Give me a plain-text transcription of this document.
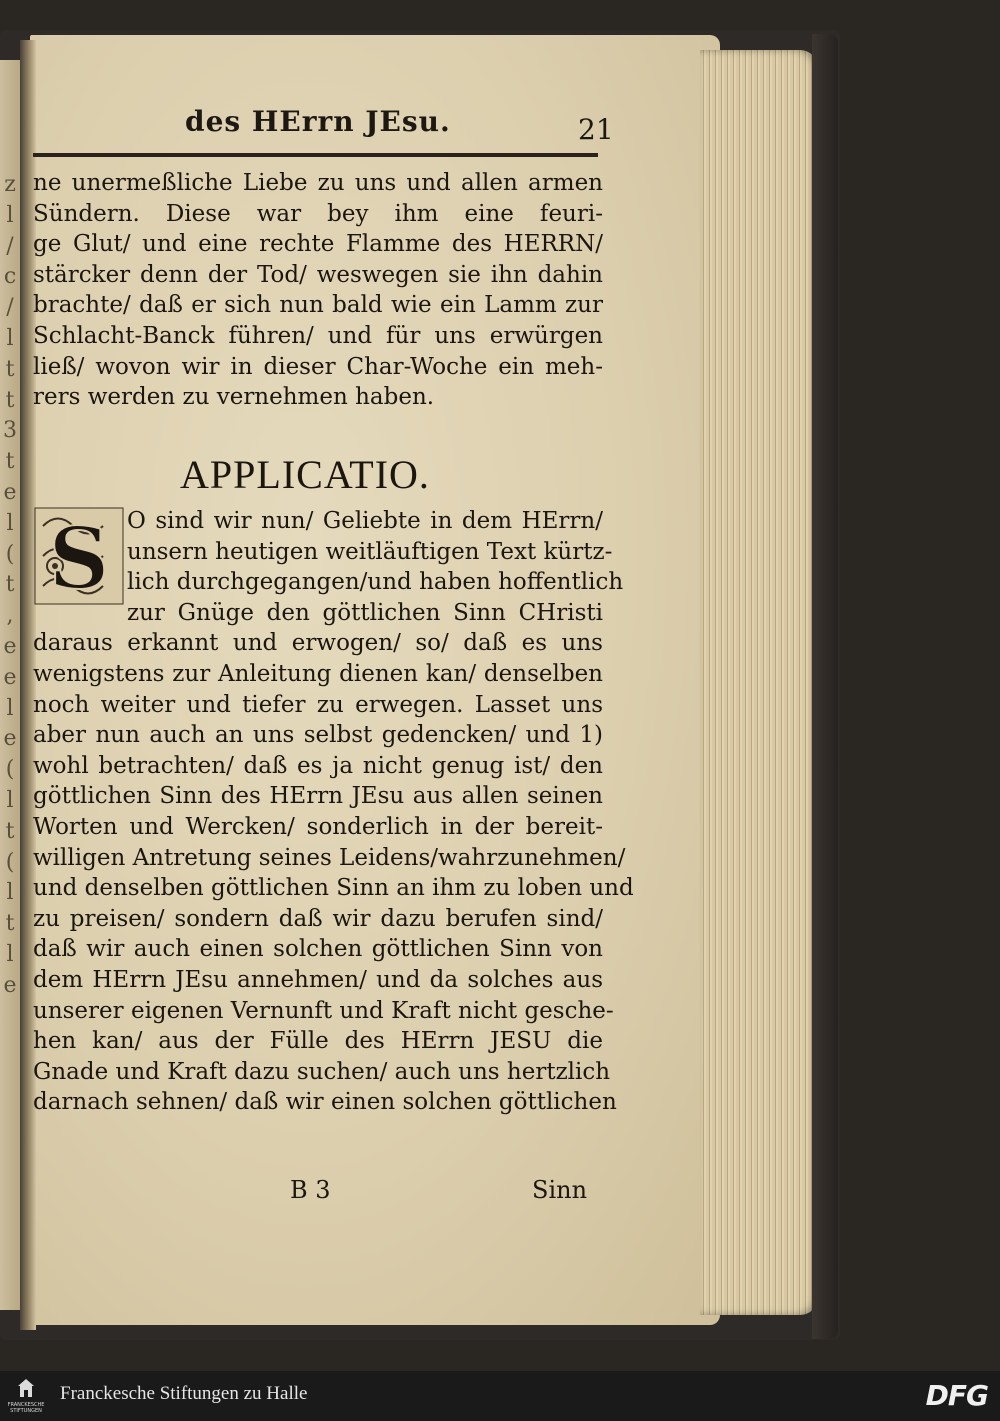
z
l
/
c
/
l
t
t
3
t
e
l
(
t
,
e
e
l
e
(
l
t
(
l
t
l
e
des HErrn JEsu.	21
ne unermeßliche Liebe zu uns und allen armen
Sündern. Diese war bey ihm eine feuri-
ge Glut/ und eine rechte Flamme des HERRN/
stärcker denn der Tod/ weswegen sie ihn dahin
brachte/ daß er sich nun bald wie ein Lamm zur
Schlacht-Banck führen/ und für uns erwürgen
ließ/ wovon wir in dieser Char-Woche ein meh-
rers werden zu vernehmen haben.
APPLICATIO.
S O sind wir nun/ Geliebte in dem HErrn/
unsern heutigen weitläuftigen Text kürtz-
lich durchgegangen/und haben hoffentlich
zur Gnüge den göttlichen Sinn CHristi
daraus erkannt und erwogen/ so/ daß es uns
wenigstens zur Anleitung dienen kan/ denselben
noch weiter und tiefer zu erwegen. Lasset uns
aber nun auch an uns selbst gedencken/ und 1)
wohl betrachten/ daß es ja nicht genug ist/ den
göttlichen Sinn des HErrn JEsu aus allen seinen
Worten und Wercken/ sonderlich in der bereit-
willigen Antretung seines Leidens/wahrzunehmen/
und denselben göttlichen Sinn an ihm zu loben und
zu preisen/ sondern daß wir dazu berufen sind/
daß wir auch einen solchen göttlichen Sinn von
dem HErrn JEsu annehmen/ und da solches aus
unserer eigenen Vernunft und Kraft nicht gesche-
hen kan/ aus der Fülle des HErrn JESU die
Gnade und Kraft dazu suchen/ auch uns hertzlich
darnach sehnen/ daß wir einen solchen göttlichen
B 3	Sinn
FRANCKESCHE STIFTUNGEN
Franckesche Stiftungen zu Halle	DFG
